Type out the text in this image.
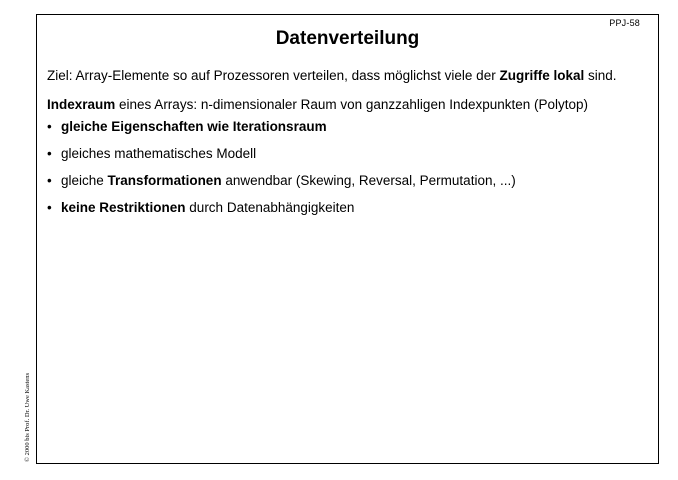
PPJ-58
Datenverteilung

Ziel: Array-Elemente so auf Prozessoren verteilen, dass möglichst viele der Zugriffe lokal sind.

Indexraum eines Arrays: n-dimensionaler Raum von ganzzahligen Indexpunkten (Polytop)

• gleiche Eigenschaften wie Iterationsraum
• gleiches mathematisches Modell
• gleiche Transformationen anwendbar (Skewing, Reversal, Permutation, ...)
• keine Restriktionen durch Datenabhängigkeiten
© 2000 bis Prof. Dr. Uwe Kastens
